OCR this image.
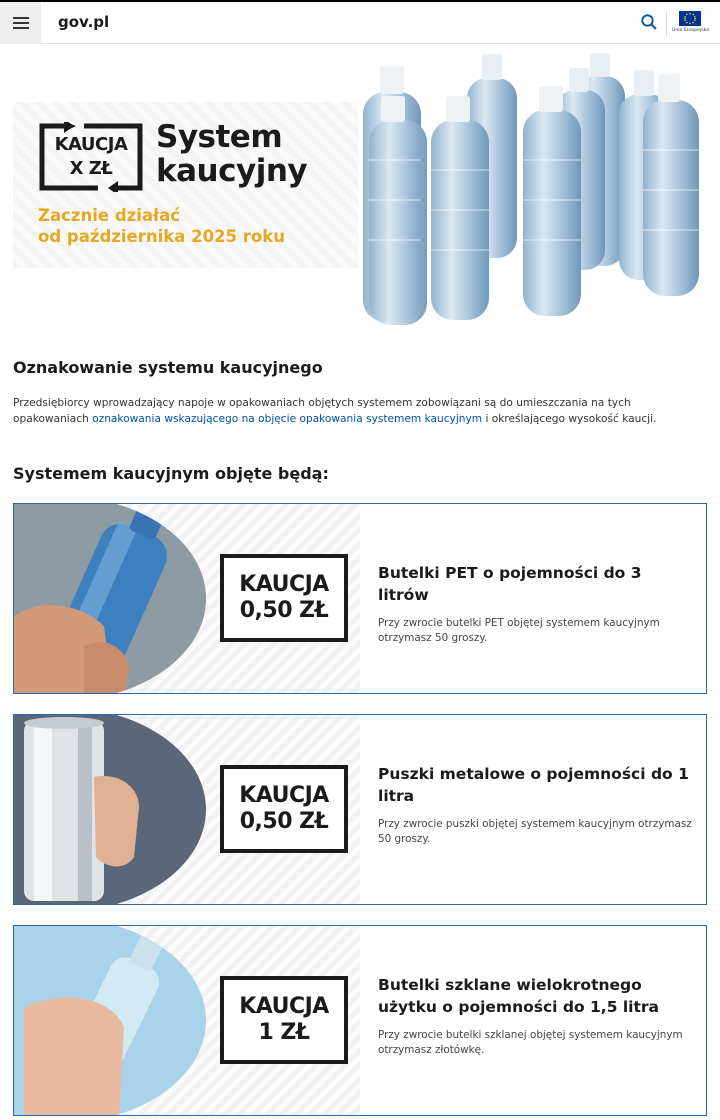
gov.pl	Unia Europejska
KAUCJA
X ZŁ
System
kaucyjny
Zacznie działać
od października 2025 roku
Oznakowanie systemu kaucyjnego
Przedsiębiorcy wprowadzający napoje w opakowaniach objętych systemem zobowiązani są do umieszczania na tych opakowaniach oznakowania wskazującego na objęcie opakowania systemem kaucyjnym i określającego wysokość kaucji.
Systemem kaucyjnym objęte będą:
KAUCJA
0,50 ZŁ
Butelki PET o pojemności do 3 litrów
Przy zwrocie butelki PET objętej systemem kaucyjnym otrzymasz 50 groszy.
KAUCJA
0,50 ZŁ
Puszki metalowe o pojemności do 1 litra
Przy zwrocie puszki objętej systemem kaucyjnym otrzymasz 50 groszy.
KAUCJA
1 ZŁ
Butelki szklane wielokrotnego użytku o pojemności do 1,5 litra
Przy zwrocie butelki szklanej objętej systemem kaucyjnym otrzymasz złotówkę.
